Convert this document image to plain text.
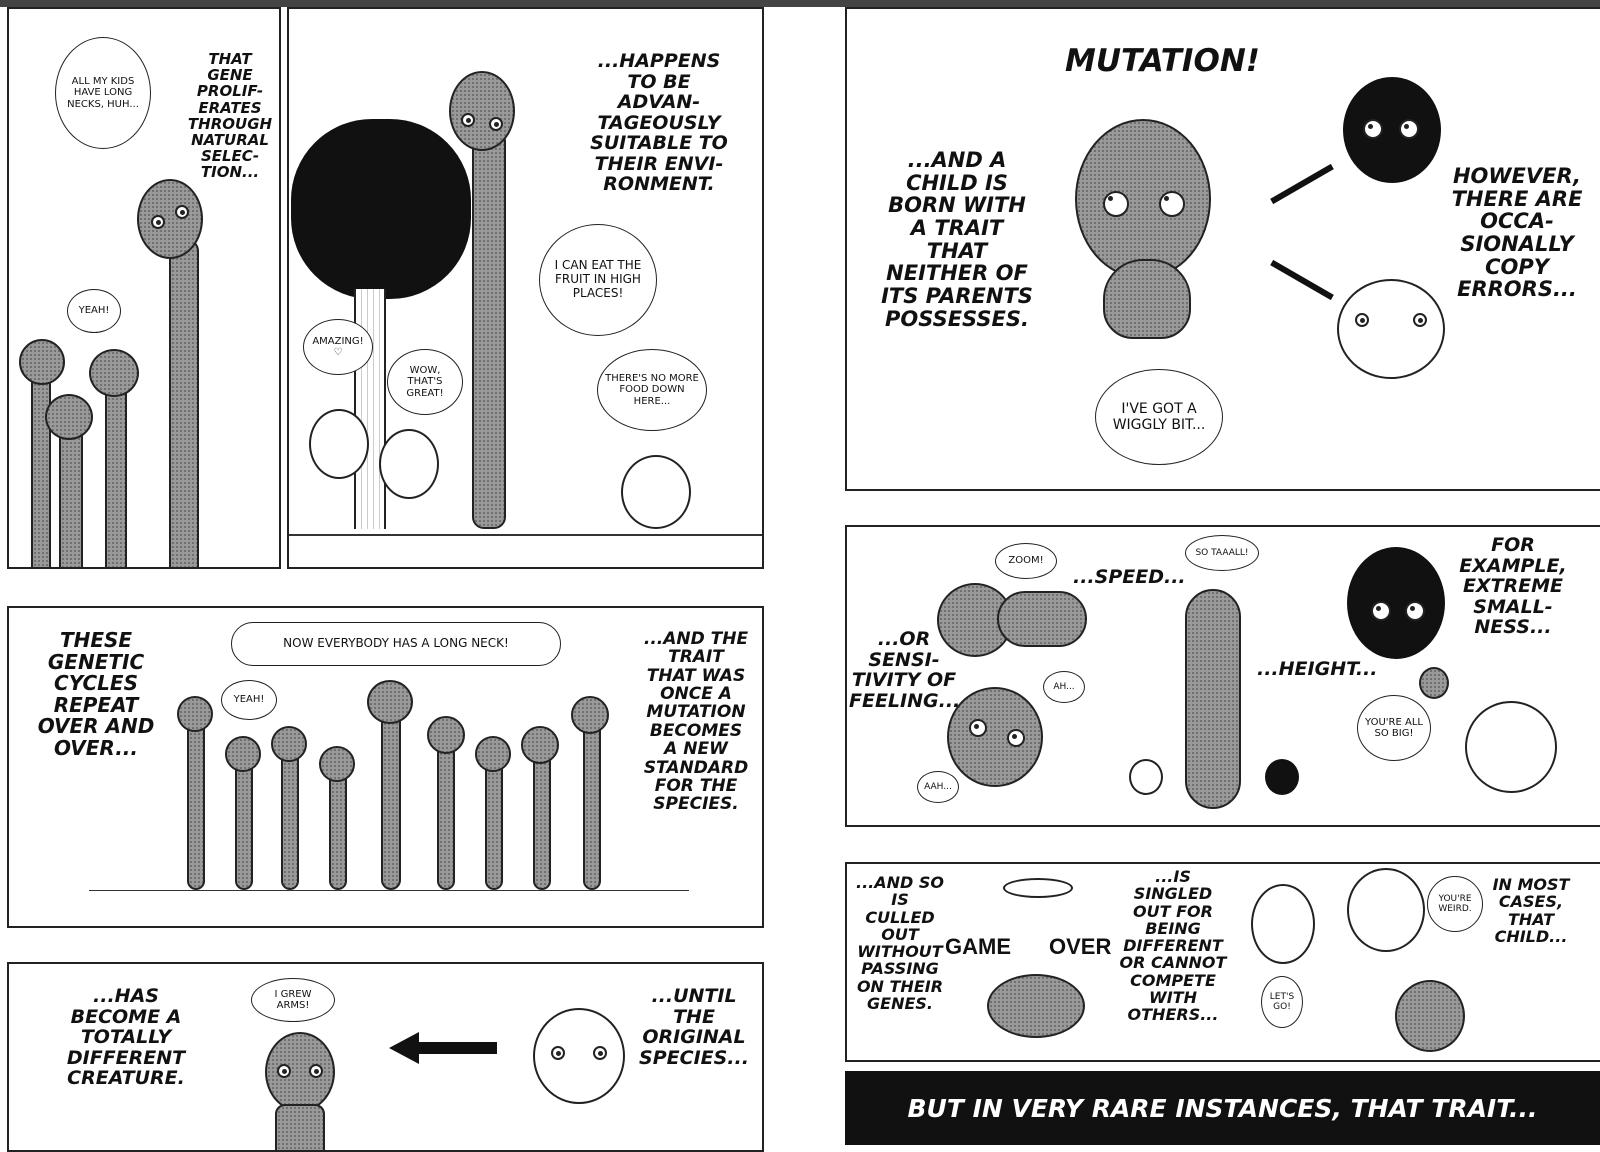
ALL MY KIDS HAVE LONG NECKS, HUH...
THAT GENE PROLIF-ERATES THROUGH NATURAL SELEC-TION...
YEAH!
...HAPPENS TO BE ADVAN-TAGEOUSLY SUITABLE TO THEIR ENVI-RONMENT.
I CAN EAT THE FRUIT IN HIGH PLACES!
AMAZING! ♡
WOW, THAT'S GREAT!
THERE'S NO MORE FOOD DOWN HERE...
THESE GENETIC CYCLES REPEAT OVER AND OVER...
NOW EVERYBODY HAS A LONG NECK!
YEAH!
...AND THE TRAIT THAT WAS ONCE A MUTATION BECOMES A NEW STANDARD FOR THE SPECIES.
...HAS BECOME A TOTALLY DIFFERENT CREATURE.
I GREW ARMS!	...UNTIL THE ORIGINAL SPECIES...
MUTATION!
...AND A CHILD IS BORN WITH A TRAIT THAT NEITHER OF ITS PARENTS POSSESSES.
I'VE GOT A WIGGLY BIT...
HOWEVER, THERE ARE OCCA-SIONALLY COPY ERRORS...
ZOOM!
...SPEED...
...OR SENSI-TIVITY OF FEELING...
AH...
AAH...
SO TAAALL!
...HEIGHT...
FOR EXAMPLE, EXTREME SMALL-NESS...
YOU'RE ALL SO BIG!
...AND SO IS CULLED OUT WITHOUT PASSING ON THEIR GENES.
GAME OVER
...IS SINGLED OUT FOR BEING DIFFERENT OR CANNOT COMPETE WITH OTHERS...
LET'S GO!
YOU'RE WEIRD.
IN MOST CASES, THAT CHILD...
BUT IN VERY RARE INSTANCES, THAT TRAIT...
